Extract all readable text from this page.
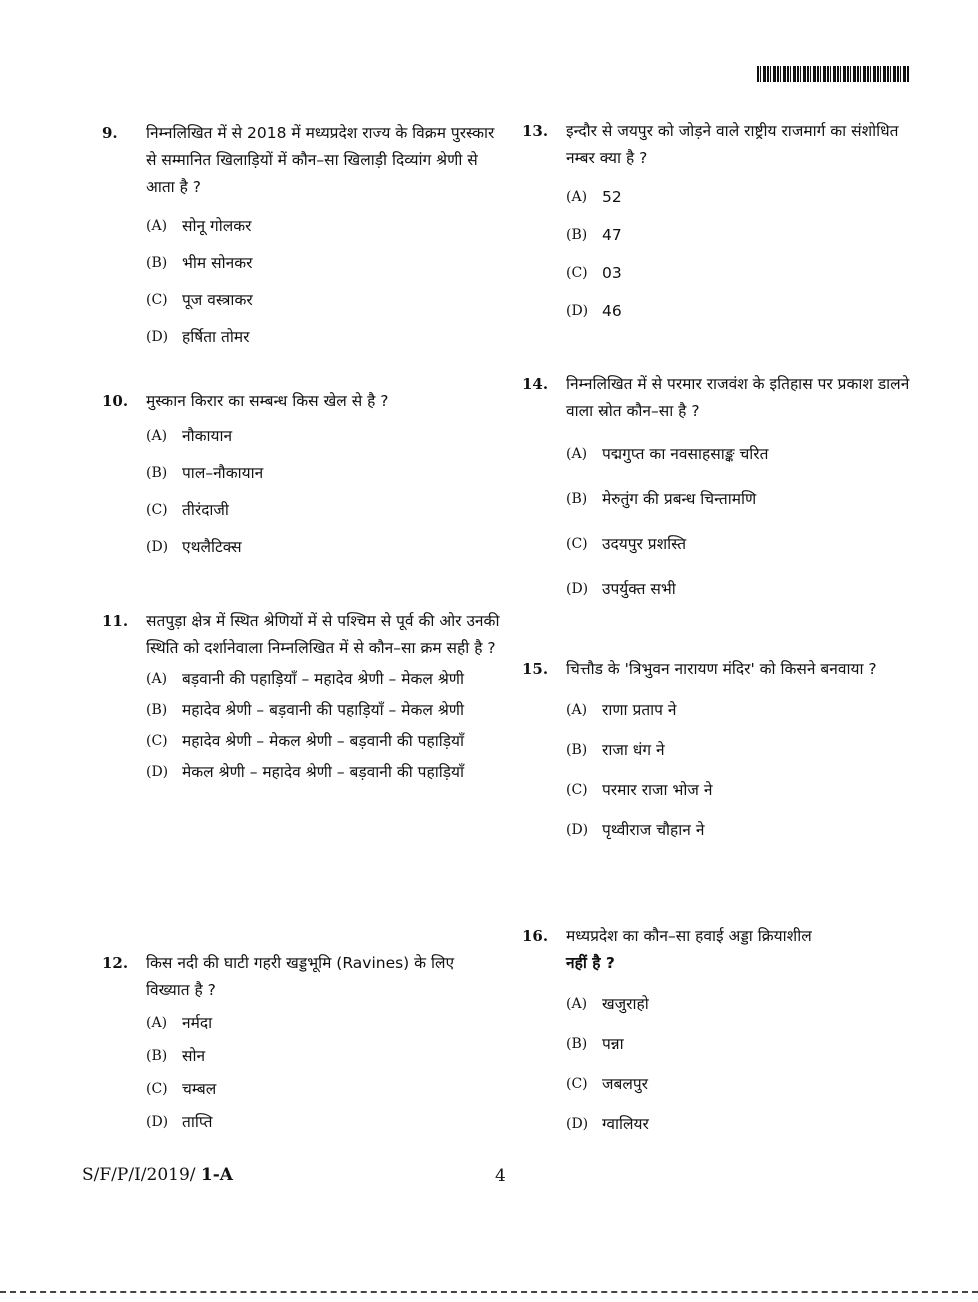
9.	निम्नलिखित में से 2018 में मध्यप्रदेश राज्य के विक्रम पुरस्कार से सम्मानित खिलाड़ियों में कौन–सा खिलाड़ी दिव्यांग श्रेणी से आता है ?
(A) सोनू गोलकर
(B) भीम सोनकर
(C) पूज वस्त्राकर
(D) हर्षिता तोमर
10.	मुस्कान किरार का सम्बन्ध किस खेल से है ?
(A) नौकायान
(B) पाल–नौकायान
(C) तीरंदाजी
(D) एथलैटिक्स
11.	सतपुड़ा क्षेत्र में स्थित श्रेणियों में से पश्चिम से पूर्व की ओर उनकी स्थिति को दर्शानेवाला निम्नलिखित में से कौन–सा क्रम सही है ?
(A) बड़वानी की पहाड़ियाँ – महादेव श्रेणी – मेकल श्रेणी
(B) महादेव श्रेणी – बड़वानी की पहाड़ियाँ – मेकल श्रेणी
(C) महादेव श्रेणी – मेकल श्रेणी – बड़वानी की पहाड़ियाँ
(D) मेकल श्रेणी – महादेव श्रेणी – बड़वानी की पहाड़ियाँ
12.	किस नदी की घाटी गहरी खड्डभूमि (Ravines) के लिए विख्यात है ?
(A) नर्मदा
(B) सोन
(C) चम्बल
(D) ताप्ति
13.	इन्दौर से जयपुर को जोड़ने वाले राष्ट्रीय राजमार्ग का संशोधित नम्बर क्या है ?
(A) 52
(B) 47
(C) 03
(D) 46
14.	निम्नलिखित में से परमार राजवंश के इतिहास पर प्रकाश डालने वाला स्रोत कौन–सा है ?
(A) पद्मगुप्त का नवसाहसाङ्क चरित
(B) मेरुतुंग की प्रबन्ध चिन्तामणि
(C) उदयपुर प्रशस्ति
(D) उपर्युक्त सभी
15.	चित्तौड के 'त्रिभुवन नारायण मंदिर' को किसने बनवाया ?
(A) राणा प्रताप ने
(B) राजा धंग ने
(C) परमार राजा भोज ने
(D) पृथ्वीराज चौहान ने
16.	मध्यप्रदेश का कौन–सा हवाई अड्डा क्रियाशील
नहीं है ?
(A) खजुराहो
(B) पन्ना
(C) जबलपुर
(D) ग्वालियर
S/F/P/I/2019/ 1-A	4
